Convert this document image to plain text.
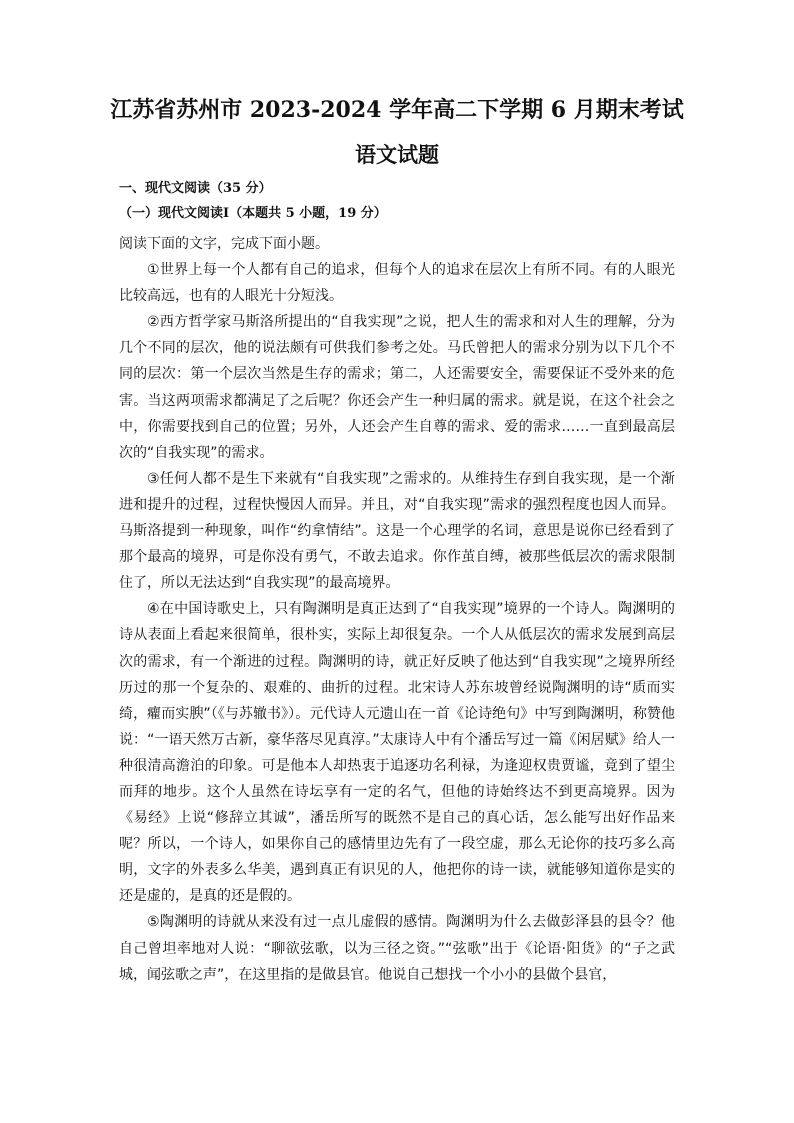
江苏省苏州市 2023-2024 学年高二下学期 6 月期末考试
语文试题
一、现代文阅读（35 分）
（一）现代文阅读Ⅰ（本题共 5 小题，19 分）

阅读下面的文字，完成下面小题。

①世界上每一个人都有自己的追求，但每个人的追求在层次上有所不同。有的人眼光比较高远，也有的人眼光十分短浅。

②西方哲学家马斯洛所提出的“自我实现”之说，把人生的需求和对人生的理解，分为几个不同的层次，他的说法颇有可供我们参考之处。马氏曾把人的需求分别为以下几个不同的层次：第一个层次当然是生存的需求；第二，人还需要安全，需要保证不受外来的危害。当这两项需求都满足了之后呢？你还会产生一种归属的需求。就是说，在这个社会之中，你需要找到自己的位置；另外，人还会产生自尊的需求、爱的需求……一直到最高层次的“自我实现”的需求。

③任何人都不是生下来就有“自我实现”之需求的。从维持生存到自我实现，是一个渐进和提升的过程，过程快慢因人而异。并且，对“自我实现”需求的强烈程度也因人而异。马斯洛提到一种现象，叫作“约拿情结”。这是一个心理学的名词，意思是说你已经看到了那个最高的境界，可是你没有勇气，不敢去追求。你作茧自缚，被那些低层次的需求限制住了，所以无法达到“自我实现”的最高境界。

④在中国诗歌史上，只有陶渊明是真正达到了“自我实现”境界的一个诗人。陶渊明的诗从表面上看起来很简单，很朴实，实际上却很复杂。一个人从低层次的需求发展到高层次的需求，有一个渐进的过程。陶渊明的诗，就正好反映了他达到“自我实现”之境界所经历过的那一个复杂的、艰难的、曲折的过程。北宋诗人苏东坡曾经说陶渊明的诗“质而实绮，癯而实腴”（《与苏辙书》）。元代诗人元遗山在一首《论诗绝句》中写到陶渊明，称赞他说：“一语天然万古新，豪华落尽见真淳。”太康诗人中有个潘岳写过一篇《闲居赋》给人一种很清高澹泊的印象。可是他本人却热衷于追逐功名利禄，为逢迎权贵贾谧，竟到了望尘而拜的地步。这个人虽然在诗坛享有一定的名气，但他的诗始终达不到更高境界。因为《易经》上说“修辞立其诚”，潘岳所写的既然不是自己的真心话，怎么能写出好作品来呢？所以，一个诗人，如果你自己的感情里边先有了一段空虚，那么无论你的技巧多么高明，文字的外表多么华美，遇到真正有识见的人，他把你的诗一读，就能够知道你是实的还是虚的，是真的还是假的。

⑤陶渊明的诗就从来没有过一点儿虚假的感情。陶渊明为什么去做彭泽县的县令？他自己曾坦率地对人说：“聊欲弦歌，以为三径之资。”“弦歌”出于《论语·阳货》的“子之武城，闻弦歌之声”，在这里指的是做县官。他说自己想找一个小小的县做个县官，
